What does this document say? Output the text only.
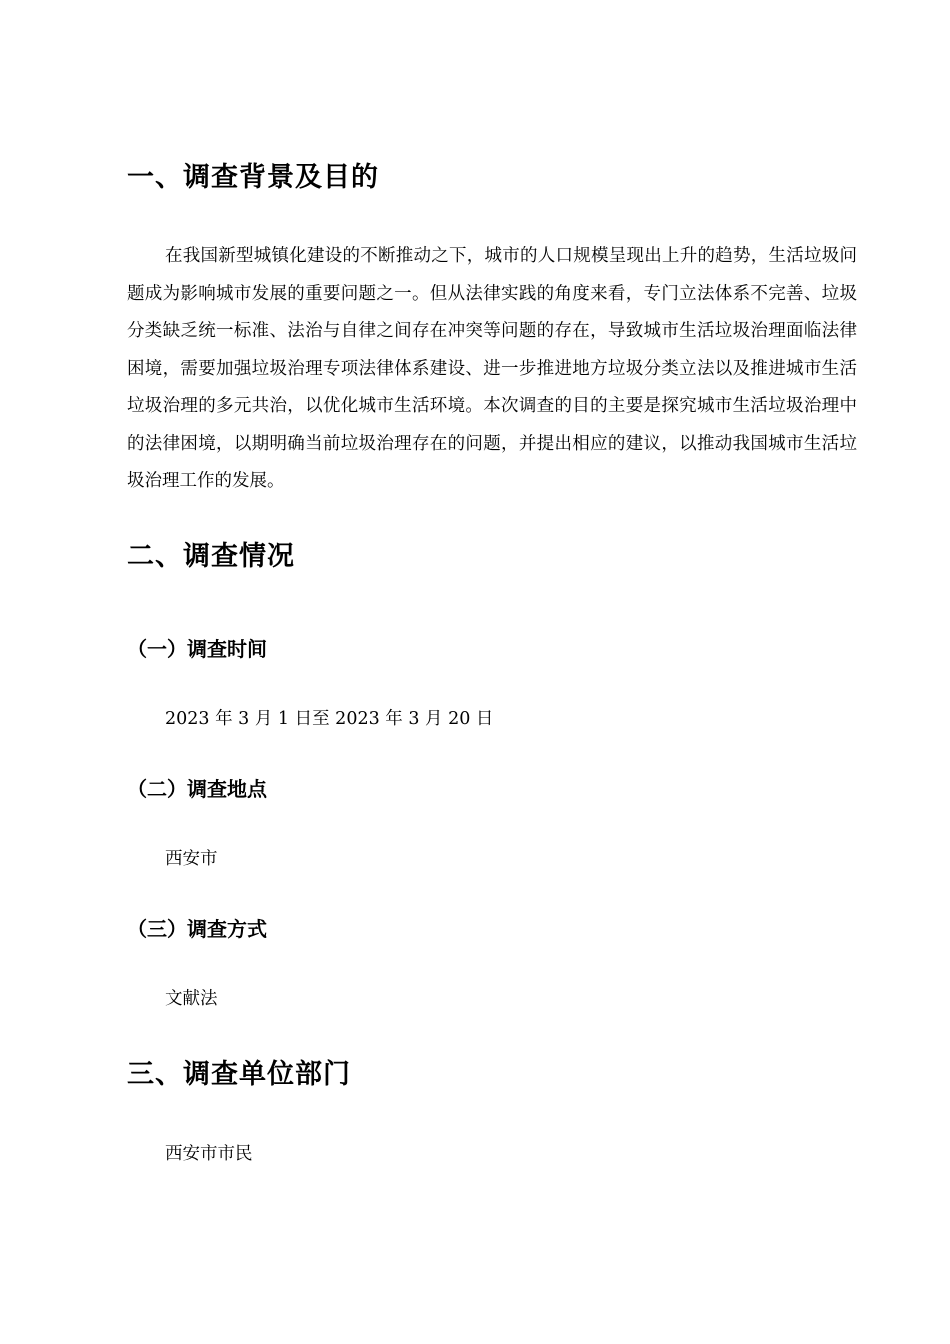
一、调查背景及目的

在我国新型城镇化建设的不断推动之下，城市的人口规模呈现出上升的趋势，生活垃圾问题成为影响城市发展的重要问题之一。但从法律实践的角度来看，专门立法体系不完善、垃圾分类缺乏统一标准、法治与自律之间存在冲突等问题的存在，导致城市生活垃圾治理面临法律困境，需要加强垃圾治理专项法律体系建设、进一步推进地方垃圾分类立法以及推进城市生活垃圾治理的多元共治，以优化城市生活环境。本次调查的目的主要是探究城市生活垃圾治理中的法律困境，以期明确当前垃圾治理存在的问题，并提出相应的建议，以推动我国城市生活垃圾治理工作的发展。

二、调查情况
（一）调查时间

2023 年 3 月 1 日至 2023 年 3 月 20 日

（二）调查地点

西安市

（三）调查方式

文献法

三、调查单位部门

西安市市民
